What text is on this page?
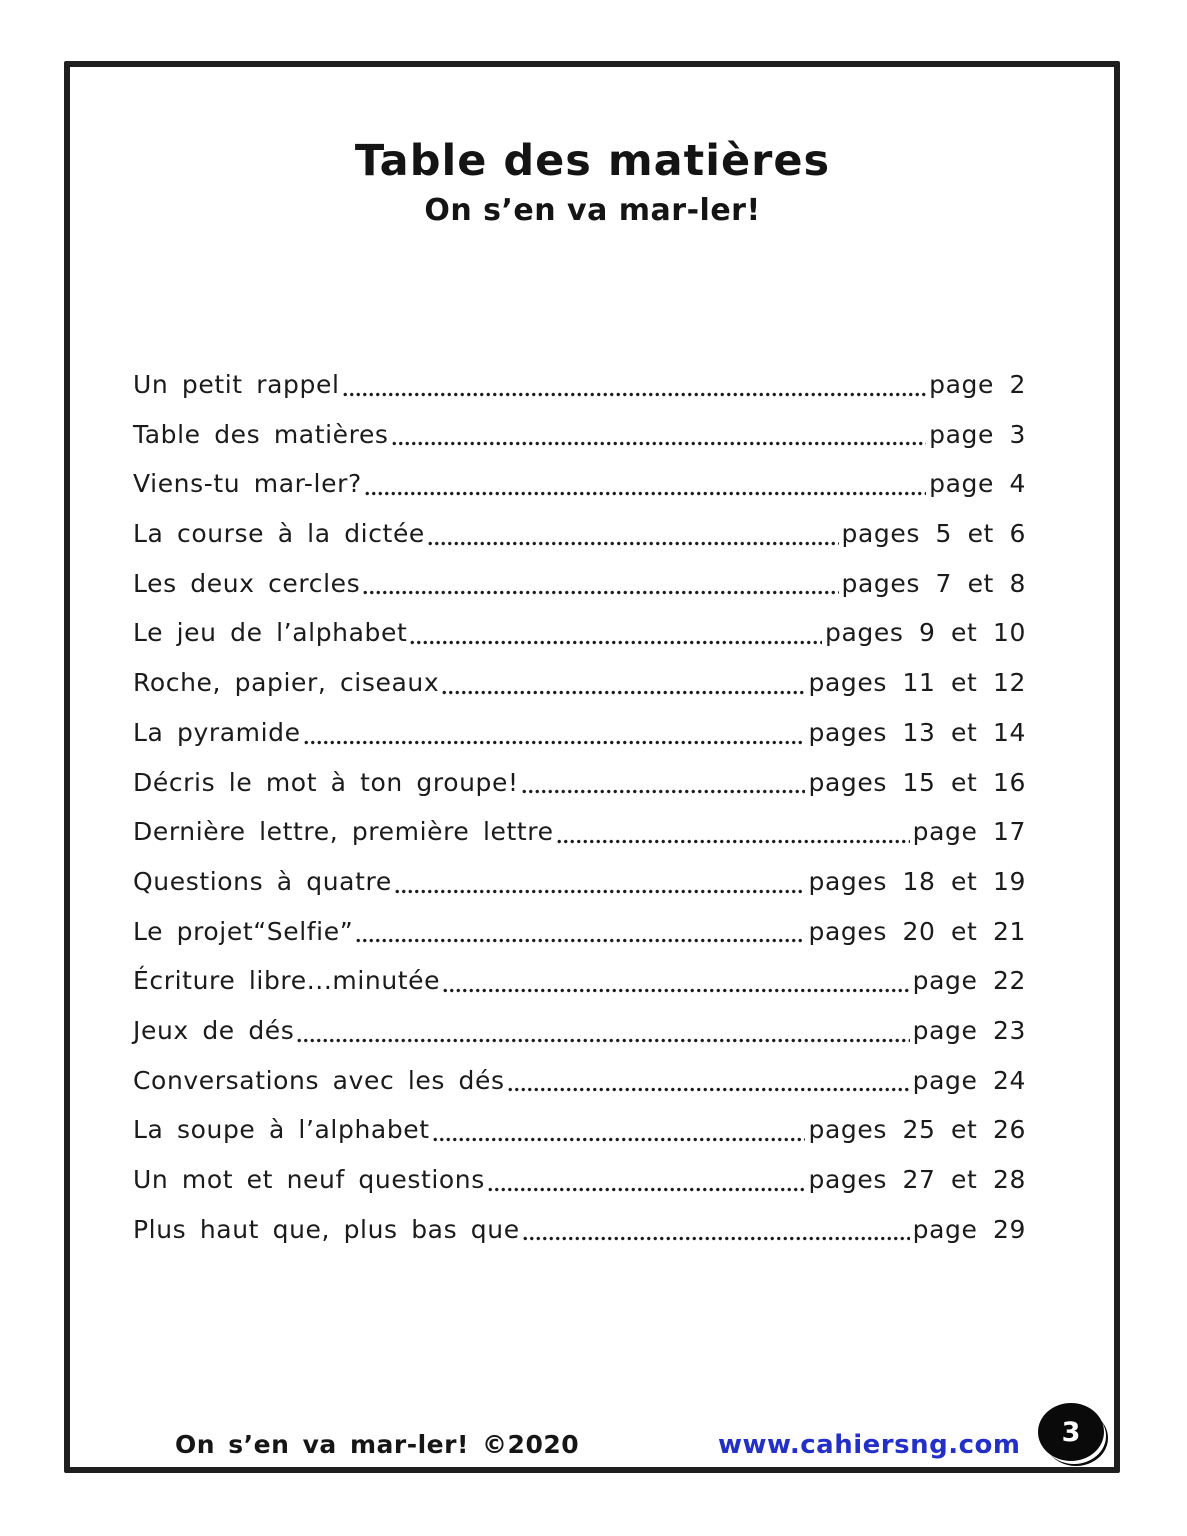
Table des matières
On s’en va mar-ler!
Un petit rappel	page 2
Table des matières	page 3
Viens-tu mar-ler?	page 4
La course à la dictée	pages 5 et 6
Les deux cercles	pages 7 et 8
Le jeu de l’alphabet	pages 9 et 10
Roche, papier, ciseaux	pages 11 et 12
La pyramide	pages 13 et 14
Décris le mot à ton groupe!	pages 15 et 16
Dernière lettre, première lettre	page 17
Questions à quatre	pages 18 et 19
Le projet“Selfie”	pages 20 et 21
Écriture libre...minutée	page 22
Jeux de dés	page 23
Conversations avec les dés	page 24
La soupe à l’alphabet	pages 25 et 26
Un mot et neuf questions	pages 27 et 28
Plus haut que, plus bas que	page 29
On s’en va mar-ler! ©2020	www.cahiersng.com 3
